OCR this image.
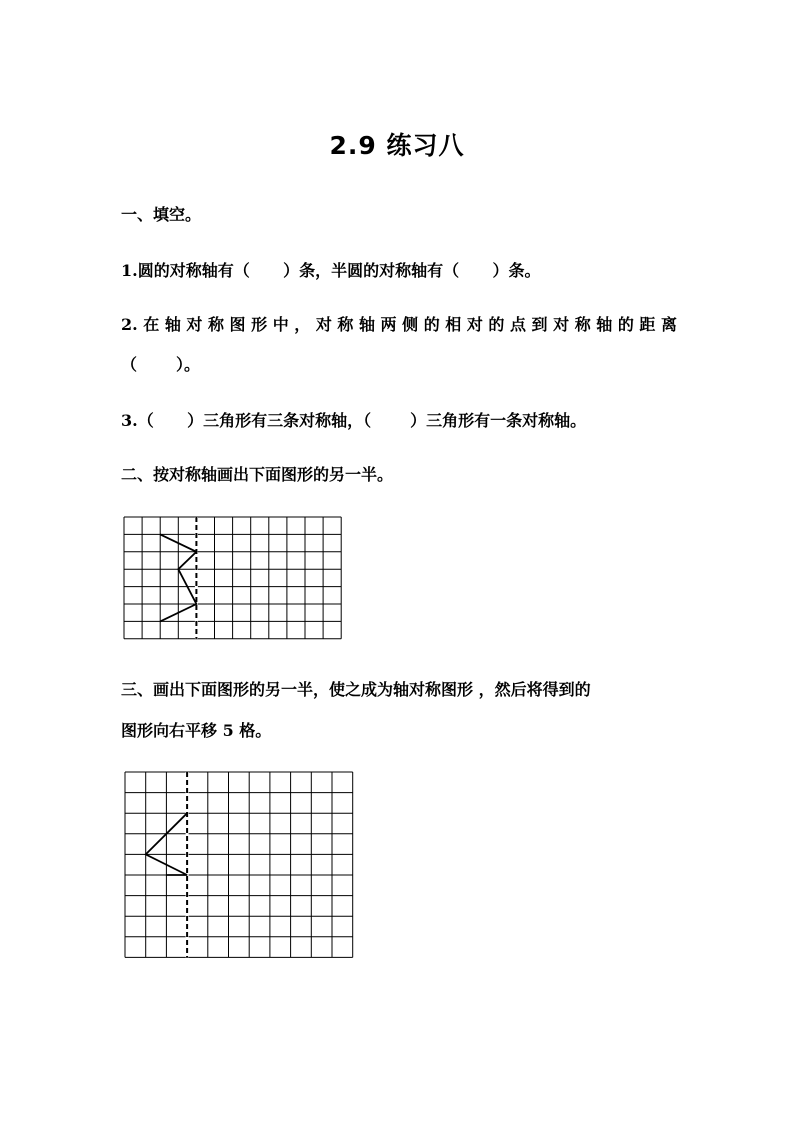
2.9 练习八
一、填空。
1.圆的对称轴有（      ）条，半圆的对称轴有（      ）条。
2.在轴对称图形中，对称轴两侧的相对的点到对称轴的距离
（       ）。
3.（      ）三角形有三条对称轴，（       ）三角形有一条对称轴。
二、按对称轴画出下面图形的另一半。
三、画出下面图形的另一半，使之成为轴对称图形 ，然后将得到的
图形向右平移 5 格。
